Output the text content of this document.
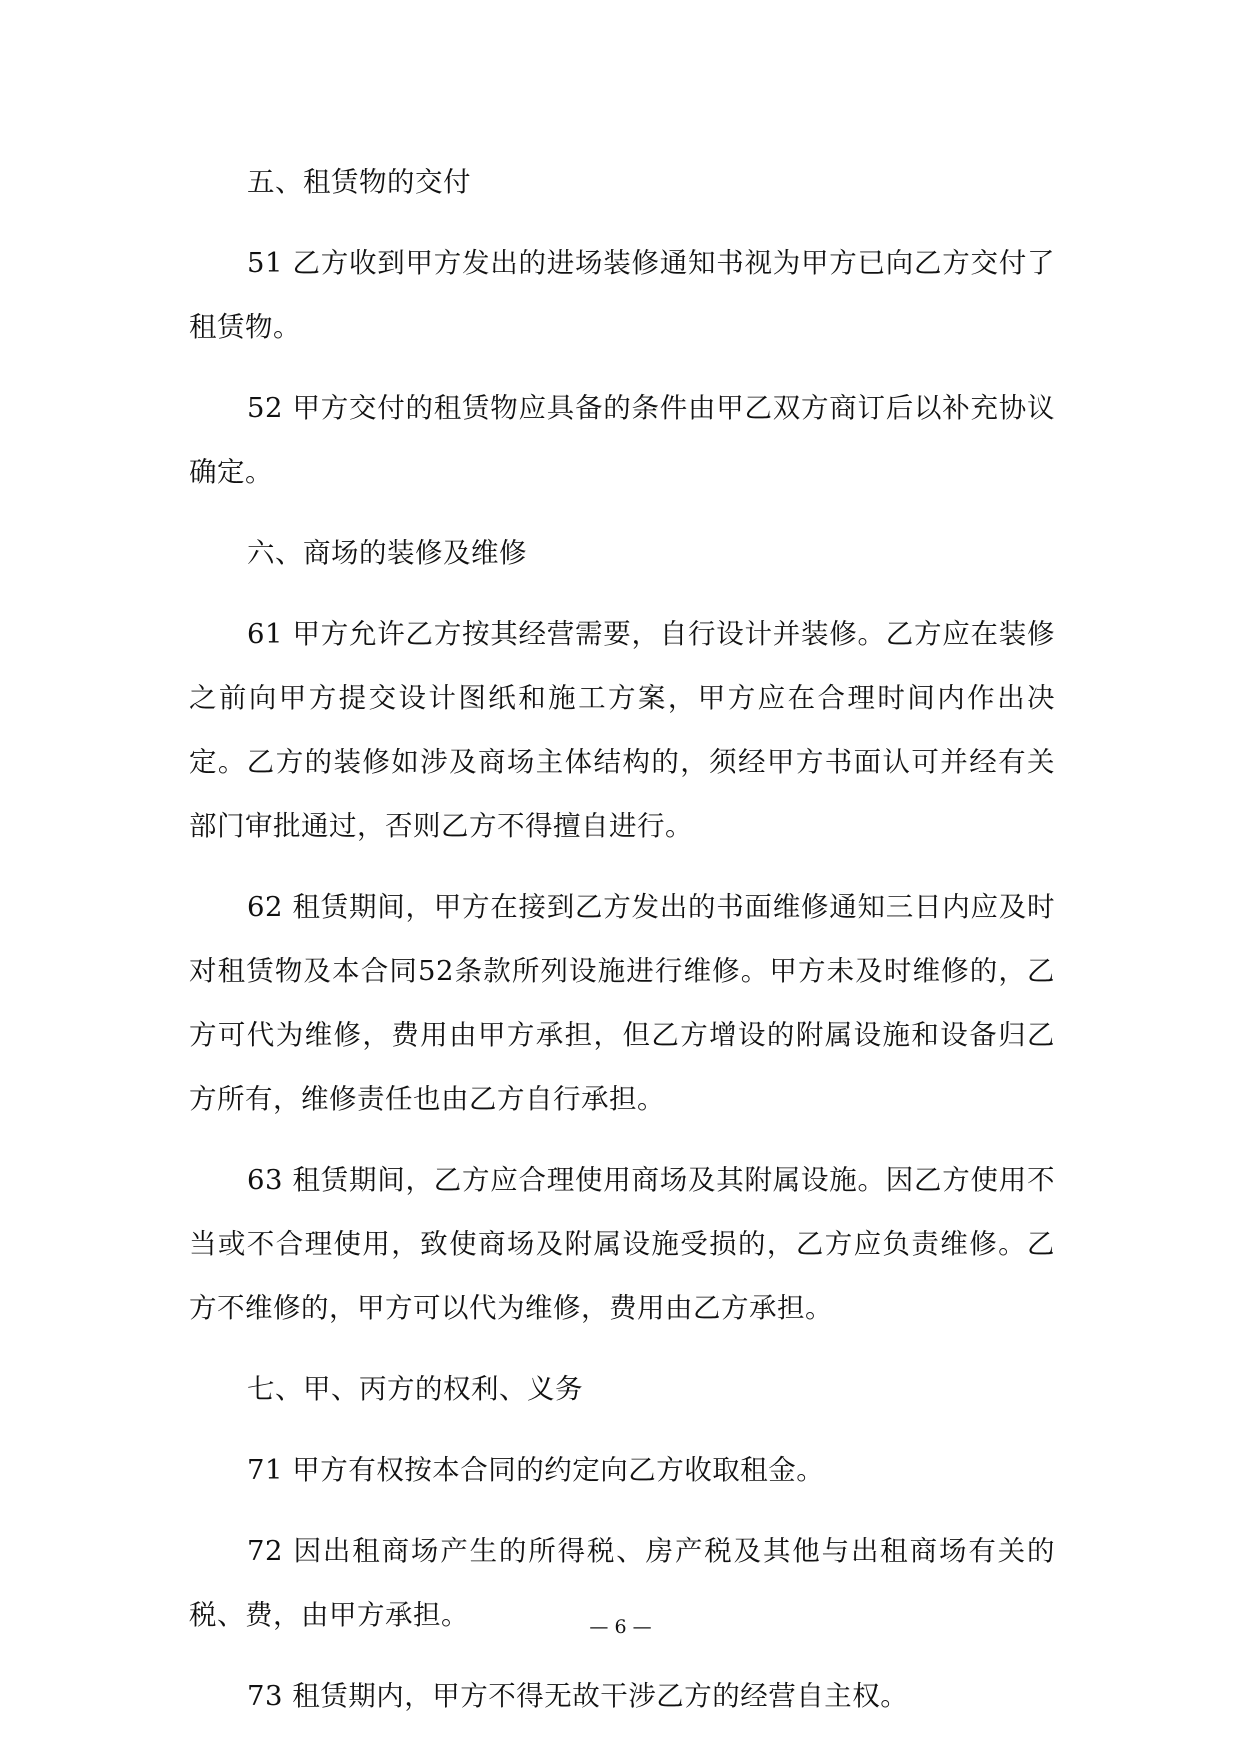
五、租赁物的交付

51 乙方收到甲方发出的进场装修通知书视为甲方已向乙方交付了租赁物。

52 甲方交付的租赁物应具备的条件由甲乙双方商订后以补充协议确定。

六、商场的装修及维修

61 甲方允许乙方按其经营需要，自行设计并装修。乙方应在装修之前向甲方提交设计图纸和施工方案，甲方应在合理时间内作出决定。乙方的装修如涉及商场主体结构的，须经甲方书面认可并经有关部门审批通过，否则乙方不得擅自进行。

62 租赁期间，甲方在接到乙方发出的书面维修通知三日内应及时对租赁物及本合同52条款所列设施进行维修。甲方未及时维修的，乙方可代为维修，费用由甲方承担，但乙方增设的附属设施和设备归乙方所有，维修责任也由乙方自行承担。

63 租赁期间，乙方应合理使用商场及其附属设施。因乙方使用不当或不合理使用，致使商场及附属设施受损的，乙方应负责维修。乙方不维修的，甲方可以代为维修，费用由乙方承担。

七、甲、丙方的权利、义务

71 甲方有权按本合同的约定向乙方收取租金。

72 因出租商场产生的所得税、房产税及其他与出租商场有关的税、费，由甲方承担。

73 租赁期内，甲方不得无故干涉乙方的经营自主权。

— 6 —
